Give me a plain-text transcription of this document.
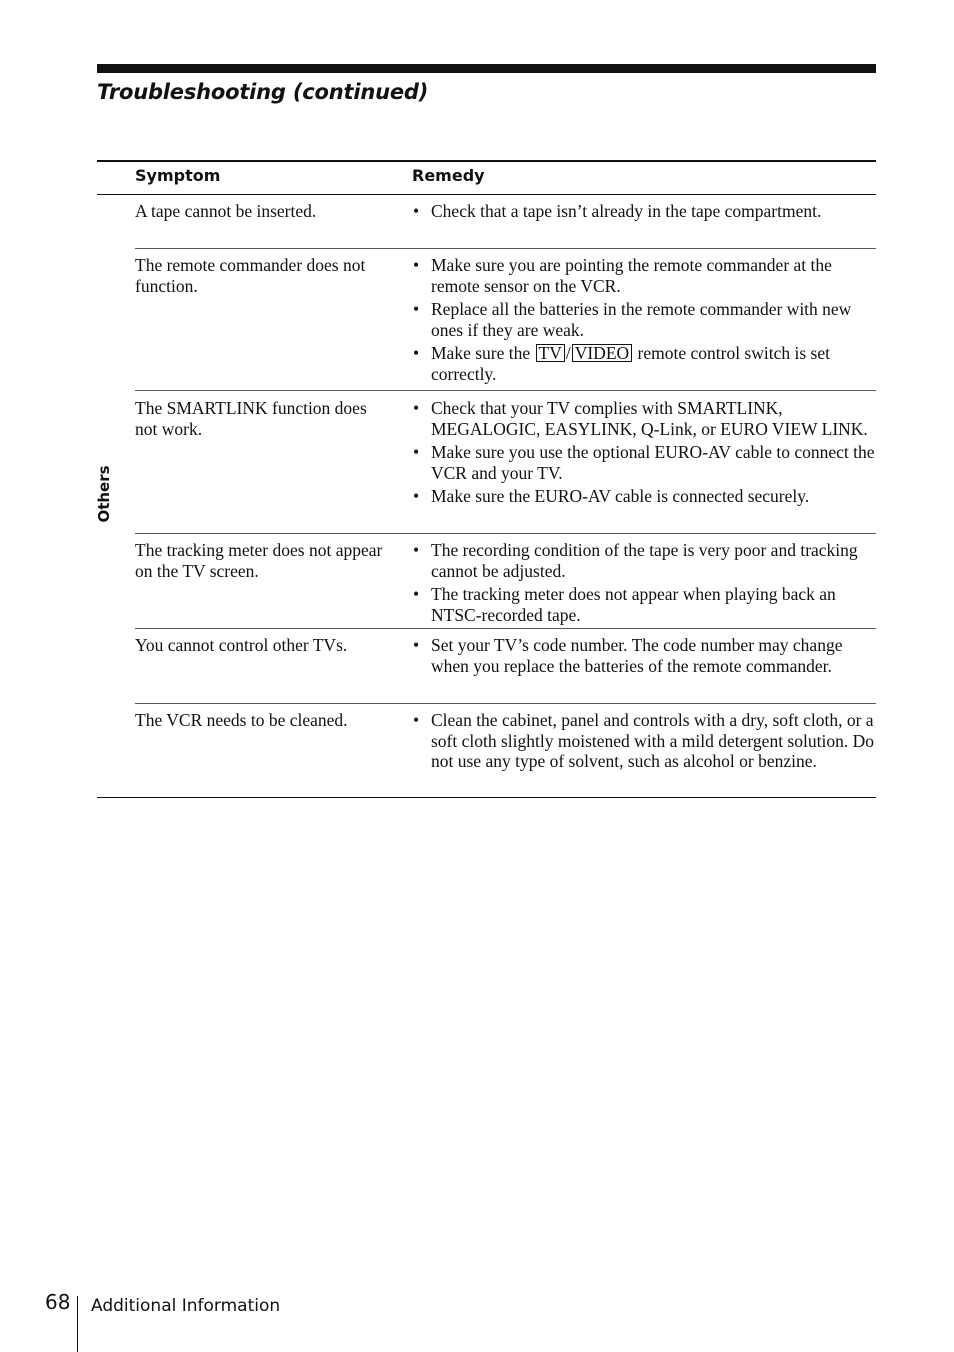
Troubleshooting (continued)
Symptom	Remedy
Others
A tape cannot be inserted.	• Check that a tape isn’t already in the tape compartment.
The remote commander does not function.
• Make sure you are pointing the remote commander at the remote sensor on the VCR.
• Replace all the batteries in the remote commander with new ones if they are weak.
• Make sure the TV / VIDEO remote control switch is set correctly.
The SMARTLINK function does not work.
• Check that your TV complies with SMARTLINK, MEGALOGIC, EASYLINK, Q-Link, or EURO VIEW LINK.
• Make sure you use the optional EURO-AV cable to connect the VCR and your TV.
• Make sure the EURO-AV cable is connected securely.
The tracking meter does not appear on the TV screen.
• The recording condition of the tape is very poor and tracking cannot be adjusted.
• The tracking meter does not appear when playing back an NTSC-recorded tape.
You cannot control other TVs.	• Set your TV’s code number. The code number may change when you replace the batteries of the remote commander.
The VCR needs to be cleaned.	• Clean the cabinet, panel and controls with a dry, soft cloth, or a soft cloth slightly moistened with a mild detergent solution. Do not use any type of solvent, such as alcohol or benzine.
68 Additional Information
